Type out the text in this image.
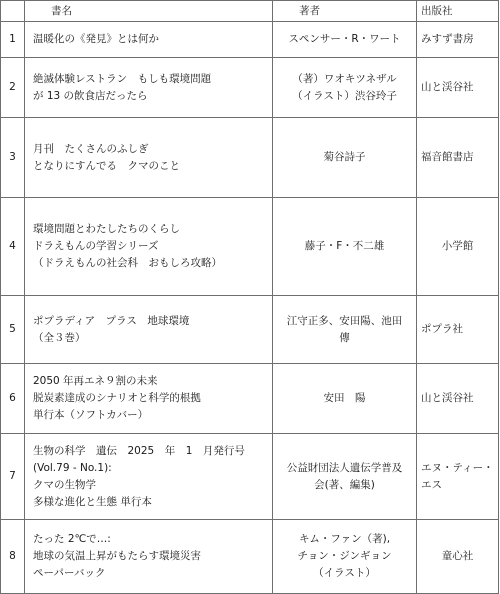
	書名	著者	出版社
1	温暖化の《発見》とは何か	スペンサー・R・ワート	みすず書房
2	絶滅体験レストラン　もしも環境問題
が 13 の飲食店だったら	（著）ワオキツネザル
（イラスト）渋谷玲子	山と渓谷社
3	月刊　たくさんのふしぎ
となりにすんでる　クマのこと	菊谷詩子	福音館書店
4	環境問題とわたしたちのくらし
ドラえもんの学習シリーズ
（ドラえもんの社会科　おもしろ攻略）	藤子・F・不二雄	小学館
5	ポプラディア　プラス　地球環境
（全３巻）	江守正多、安田陽、池田
傳	ポプラ社
6	2050 年再エネ９割の未来
脱炭素達成のシナリオと科学的根拠
単行本（ソフトカバー）	安田　陽	山と渓谷社
7	生物の科学　遺伝　2025　年　1　月発行号
(Vol.79 - No.1):
クマの生物学
多様な進化と生態 単行本	公益財団法人遺伝学普及
会(著、編集)	エヌ・ティー・エス
8	たった 2℃で…:
地球の気温上昇がもたらす環境災害
ペーパーバック	キム・ファン（著),
チョン・ジンギョン
（イラスト）	童心社
